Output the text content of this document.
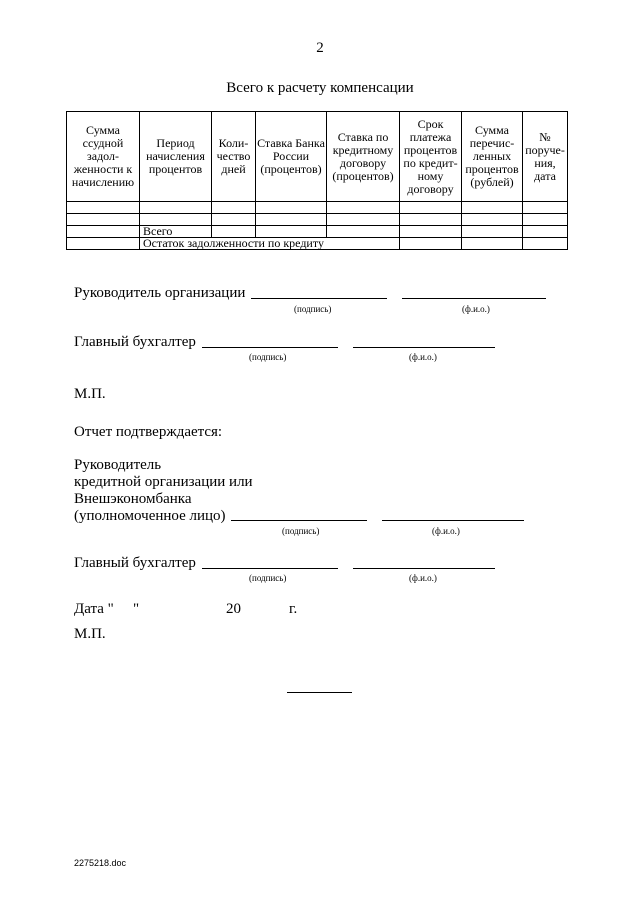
2
Всего к расчету компенсации
Сумма ссудной задол-женности к начислению	Период начисления процентов	Коли-чество дней	Ставка Банка России (процентов)	Ставка по кредитному договору (процентов)	Срок платежа процентов по кредит-ному договору	Сумма перечис-ленных процентов (рублей)	№ поруче-ния, дата

	Всего						
	Остаток задолженности по кредиту						
Руководитель организации
(подпись)	(ф.и.о.)
Главный бухгалтер
(подпись)	(ф.и.о.)
М.П.
Отчет подтверждается:
Руководитель
кредитной организации или
Внешэкономбанка
(уполномоченное лицо)
(подпись)	(ф.и.о.)
Главный бухгалтер
(подпись)	(ф.и.о.)
Дата " "	20	г.
М.П.
2275218.doc
